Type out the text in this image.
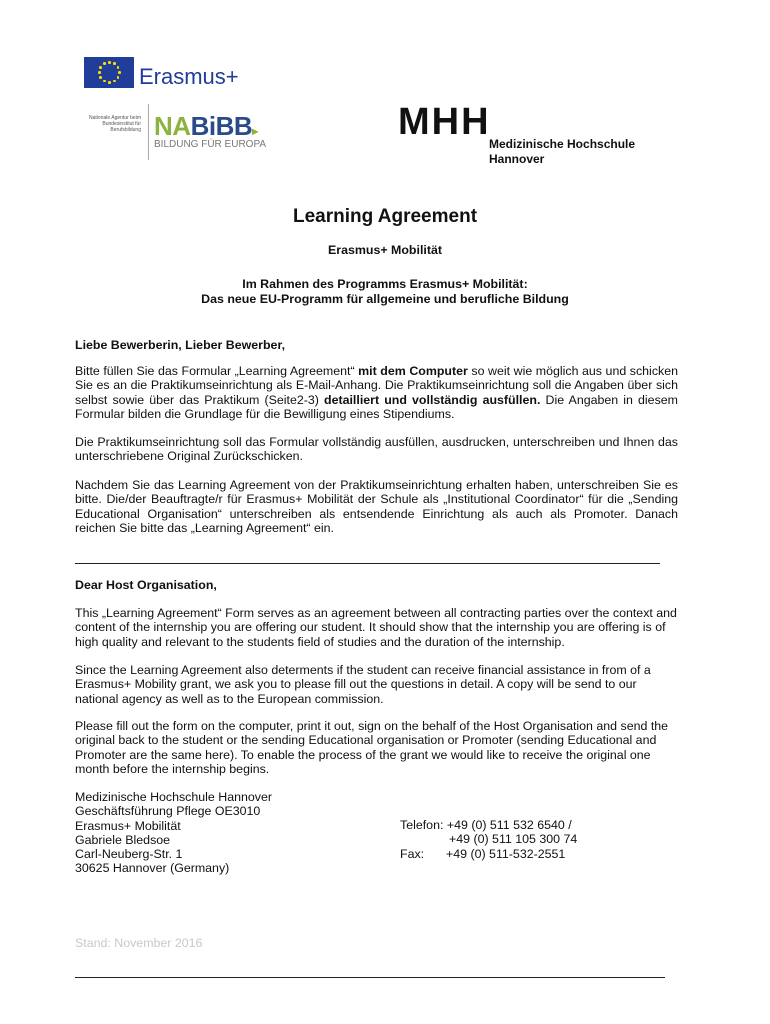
Erasmus+
Nationale Agentur beim Bundesinstitut für Berufsbildung NABiBB▸
BILDUNG FÜR EUROPA
MHH
Medizinische Hochschule
Hannover
Learning Agreement
Erasmus+ Mobilität
Im Rahmen des Programms Erasmus+ Mobilität:
Das neue EU-Programm für allgemeine und berufliche Bildung

Liebe Bewerberin, Lieber Bewerber,

Bitte füllen Sie das Formular „Learning Agreement“ mit dem Computer so weit wie möglich aus und schicken Sie es an die Praktikumseinrichtung als E-Mail-Anhang. Die Praktikumseinrichtung soll die Angaben über sich selbst sowie über das Praktikum (Seite2-3) detailliert und vollständig ausfüllen. Die Angaben in diesem Formular bilden die Grundlage für die Bewilligung eines Stipendiums.

Die Praktikumseinrichtung soll das Formular vollständig ausfüllen, ausdrucken, unterschreiben und Ihnen das unterschriebene Original Zurückschicken.

Nachdem Sie das Learning Agreement von der Praktikumseinrichtung erhalten haben, unterschreiben Sie es bitte. Die/der Beauftragte/r für Erasmus+ Mobilität der Schule als „Institutional Coordinator“ für die „Sending Educational Organisation“ unterschreiben als entsendende Einrichtung als auch als Promoter. Danach reichen Sie bitte das „Learning Agreement“ ein.

Dear Host Organisation,

This „Learning Agreement“ Form serves as an agreement between all contracting parties over the context and content of the internship you are offering our student. It should show that the internship you are offering is of high quality and relevant to the students field of studies and the duration of the internship.

Since the Learning Agreement also determents if the student can receive financial assistance in from of a Erasmus+ Mobility grant, we ask you to please fill out the questions in detail. A copy will be send to our national agency as well as to the European commission.

Please fill out the form on the computer, print it out, sign on the behalf of the Host Organisation and send the original back to the student or the sending Educational organisation or Promoter (sending Educational and Promoter are the same here). To enable the process of the grant we would like to receive the original one month before the internship begins.

Medizinische Hochschule Hannover
Geschäftsführung Pflege OE3010
Erasmus+ Mobilität
Gabriele Bledsoe
Carl-Neuberg-Str. 1
30625 Hannover (Germany)
Telefon: +49 (0) 511 532 6540 /
+49 (0) 511 105 300 74
Fax: +49 (0) 511-532-2551

Stand: November 2016
